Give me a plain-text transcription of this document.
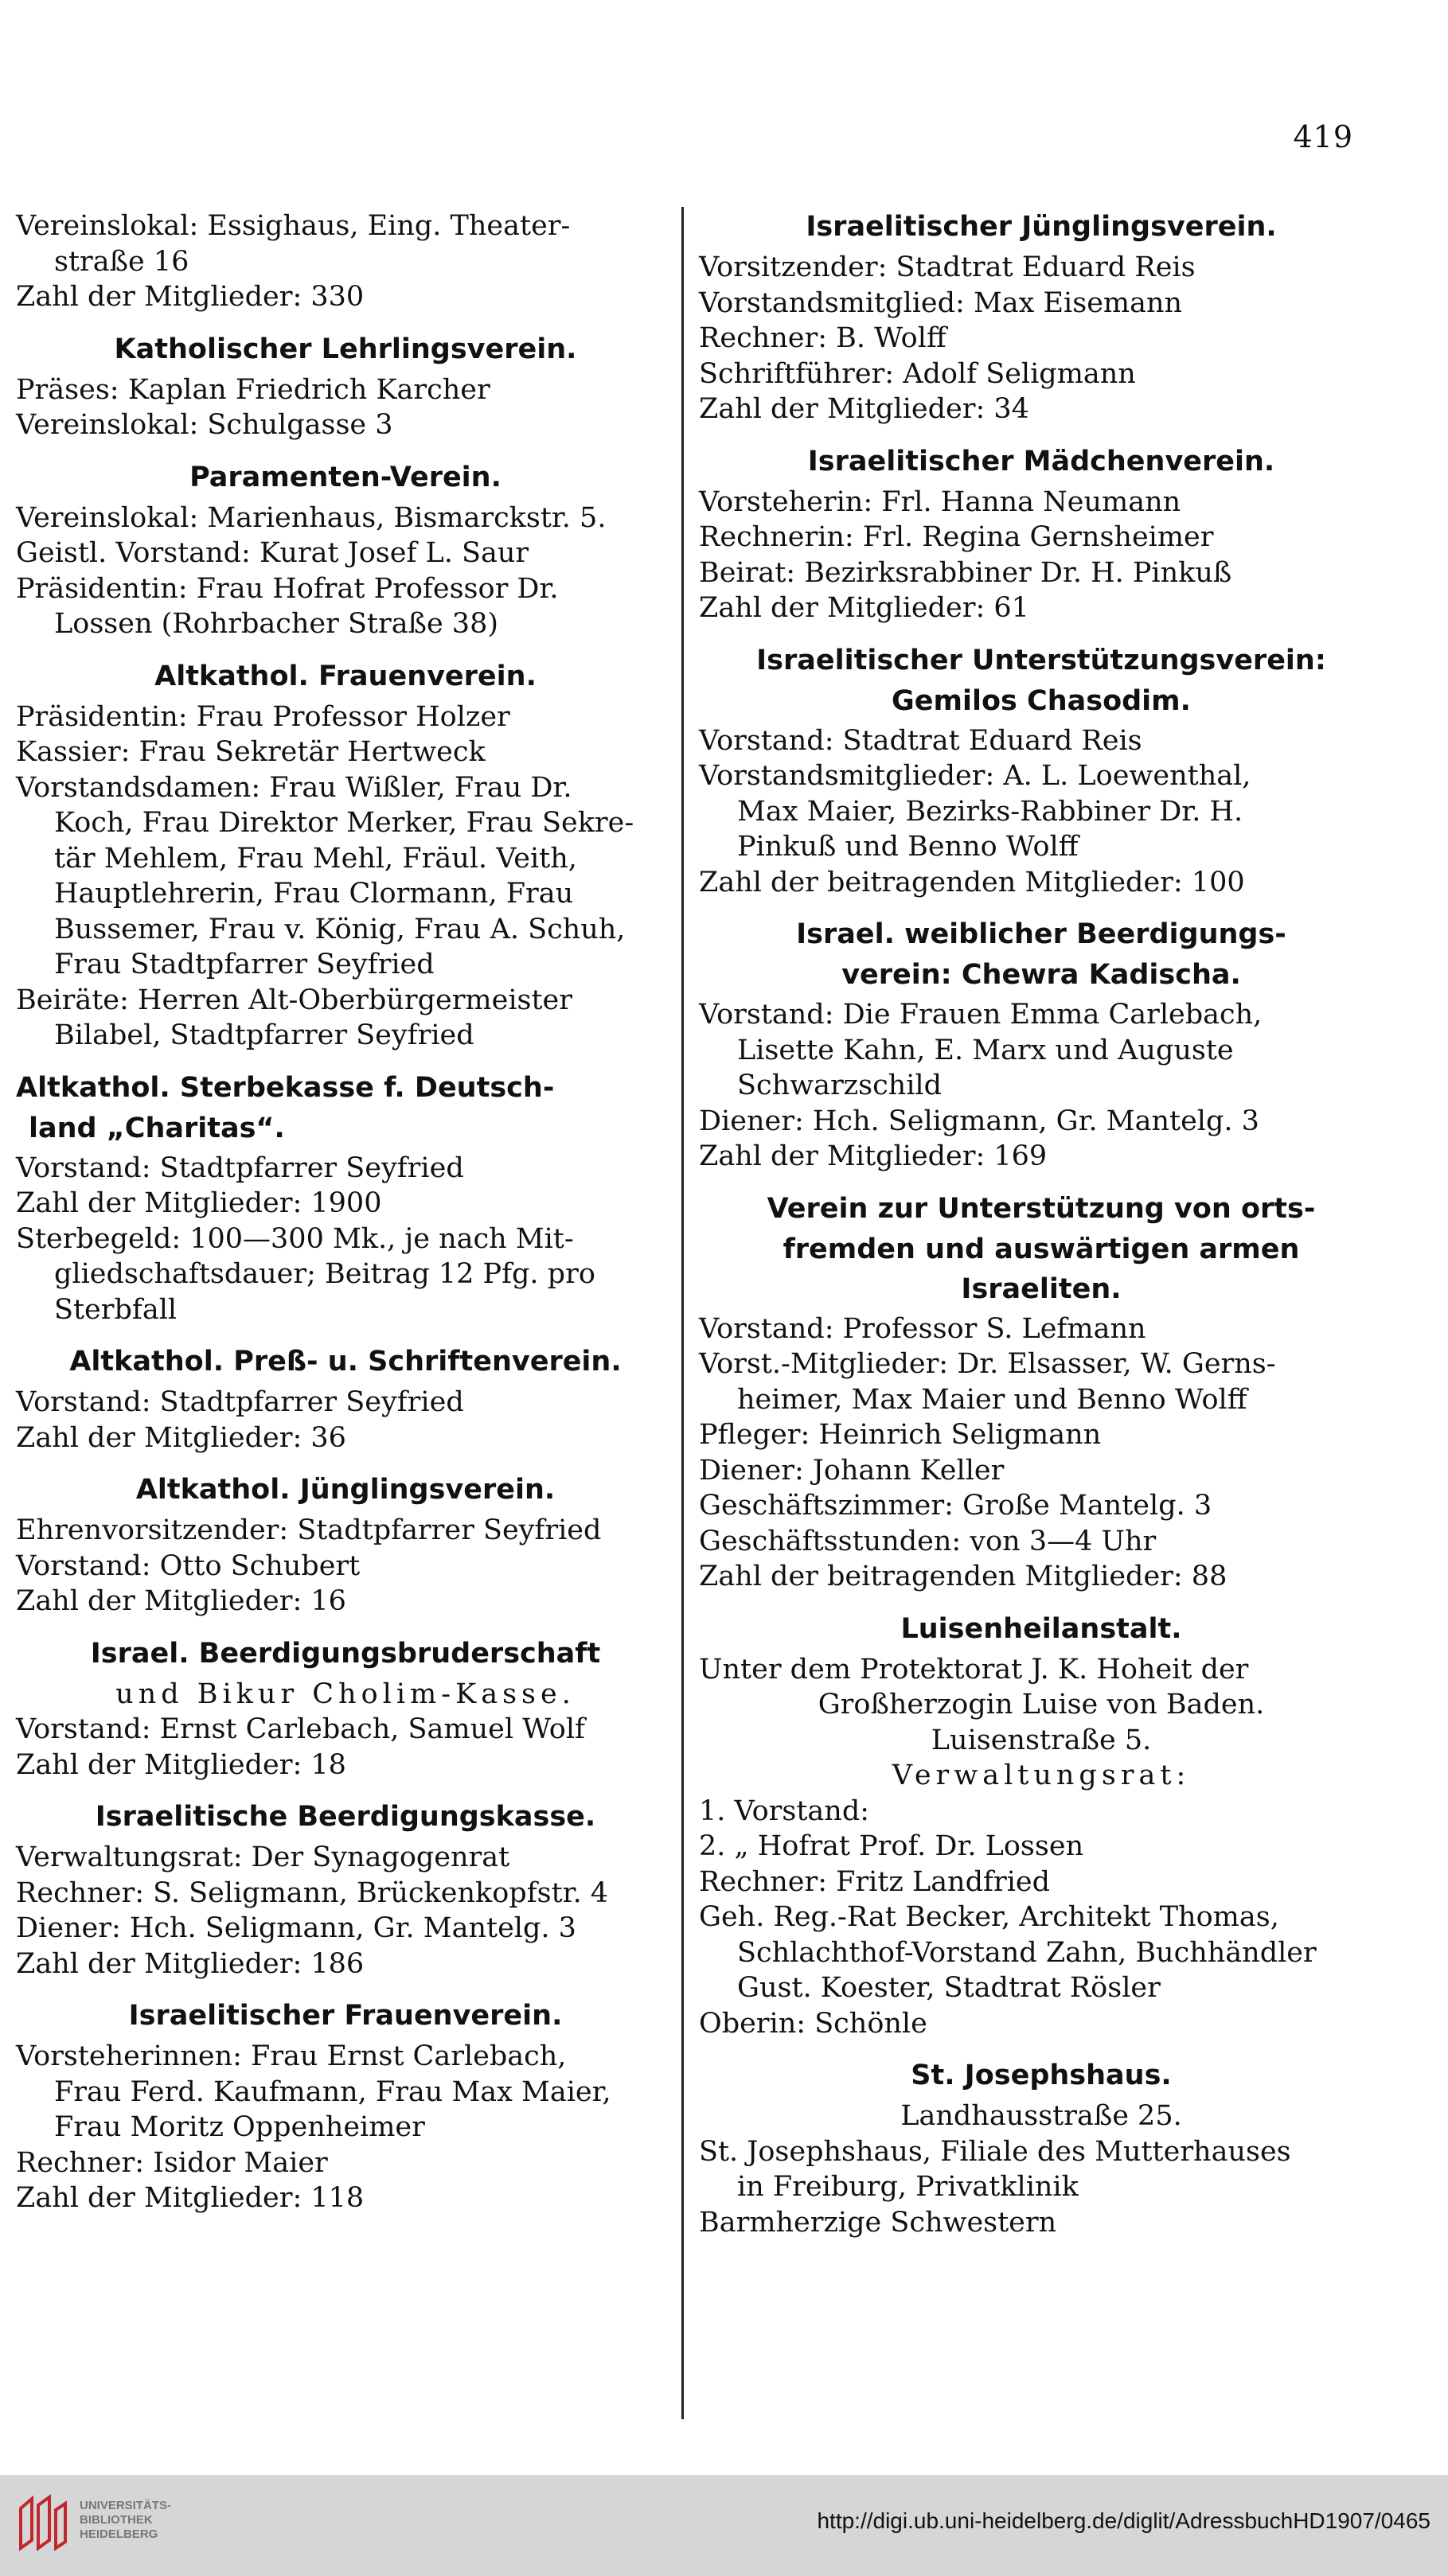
419
Vereinslokal: Essighaus, Eing. Theater-
straße 16
Zahl der Mitglieder: 330
Katholischer Lehrlingsverein.
Präses: Kaplan Friedrich Karcher
Vereinslokal: Schulgasse 3
Paramenten-Verein.
Vereinslokal: Marienhaus, Bismarckstr. 5.
Geistl. Vorstand: Kurat Josef L. Saur
Präsidentin: Frau Hofrat Professor Dr.
Lossen (Rohrbacher Straße 38)
Altkathol. Frauenverein.
Präsidentin: Frau Professor Holzer
Kassier: Frau Sekretär Hertweck
Vorstandsdamen: Frau Wißler, Frau Dr.
Koch, Frau Direktor Merker, Frau Sekre-
tär Mehlem, Frau Mehl, Fräul. Veith,
Hauptlehrerin, Frau Clormann, Frau
Bussemer, Frau v. König, Frau A. Schuh,
Frau Stadtpfarrer Seyfried
Beiräte: Herren Alt-Oberbürgermeister
Bilabel, Stadtpfarrer Seyfried
Altkathol. Sterbekasse f. Deutsch-
land „Charitas“.
Vorstand: Stadtpfarrer Seyfried
Zahl der Mitglieder: 1900
Sterbegeld: 100—300 Mk., je nach Mit-
gliedschaftsdauer; Beitrag 12 Pfg. pro
Sterbfall
Altkathol. Preß- u. Schriftenverein.
Vorstand: Stadtpfarrer Seyfried
Zahl der Mitglieder: 36
Altkathol. Jünglingsverein.
Ehrenvorsitzender: Stadtpfarrer Seyfried
Vorstand: Otto Schubert
Zahl der Mitglieder: 16
Israel. Beerdigungsbruderschaft
und Bikur Cholim-Kasse.
Vorstand: Ernst Carlebach, Samuel Wolf
Zahl der Mitglieder: 18
Israelitische Beerdigungskasse.
Verwaltungsrat: Der Synagogenrat
Rechner: S. Seligmann, Brückenkopfstr. 4
Diener: Hch. Seligmann, Gr. Mantelg. 3
Zahl der Mitglieder: 186
Israelitischer Frauenverein.
Vorsteherinnen: Frau Ernst Carlebach,
Frau Ferd. Kaufmann, Frau Max Maier,
Frau Moritz Oppenheimer
Rechner: Isidor Maier
Zahl der Mitglieder: 118
Israelitischer Jünglingsverein.
Vorsitzender: Stadtrat Eduard Reis
Vorstandsmitglied: Max Eisemann
Rechner: B. Wolff
Schriftführer: Adolf Seligmann
Zahl der Mitglieder: 34
Israelitischer Mädchenverein.
Vorsteherin: Frl. Hanna Neumann
Rechnerin: Frl. Regina Gernsheimer
Beirat: Bezirksrabbiner Dr. H. Pinkuß
Zahl der Mitglieder: 61
Israelitischer Unterstützungsverein:
Gemilos Chasodim.
Vorstand: Stadtrat Eduard Reis
Vorstandsmitglieder: A. L. Loewenthal,
Max Maier, Bezirks-Rabbiner Dr. H.
Pinkuß und Benno Wolff
Zahl der beitragenden Mitglieder: 100
Israel. weiblicher Beerdigungs-
verein: Chewra Kadischa.
Vorstand: Die Frauen Emma Carlebach,
Lisette Kahn, E. Marx und Auguste
Schwarzschild
Diener: Hch. Seligmann, Gr. Mantelg. 3
Zahl der Mitglieder: 169
Verein zur Unterstützung von orts-
fremden und auswärtigen armen
Israeliten.
Vorstand: Professor S. Lefmann
Vorst.-Mitglieder: Dr. Elsasser, W. Gerns-
heimer, Max Maier und Benno Wolff
Pfleger: Heinrich Seligmann
Diener: Johann Keller
Geschäftszimmer: Große Mantelg. 3
Geschäftsstunden: von 3—4 Uhr
Zahl der beitragenden Mitglieder: 88
Luisenheilanstalt.
Unter dem Protektorat J. K. Hoheit der
Großherzogin Luise von Baden.
Luisenstraße 5.
Verwaltungsrat:
1. Vorstand:
2. „ Hofrat Prof. Dr. Lossen
Rechner: Fritz Landfried
Geh. Reg.-Rat Becker, Architekt Thomas,
Schlachthof-Vorstand Zahn, Buchhändler
Gust. Koester, Stadtrat Rösler
Oberin: Schönle
St. Josephshaus.
Landhausstraße 25.
St. Josephshaus, Filiale des Mutterhauses
in Freiburg, Privatklinik
Barmherzige Schwestern
UNIVERSITÄTS-
BIBLIOTHEK
HEIDELBERG
http://digi.ub.uni-heidelberg.de/diglit/AdressbuchHD1907/0465
